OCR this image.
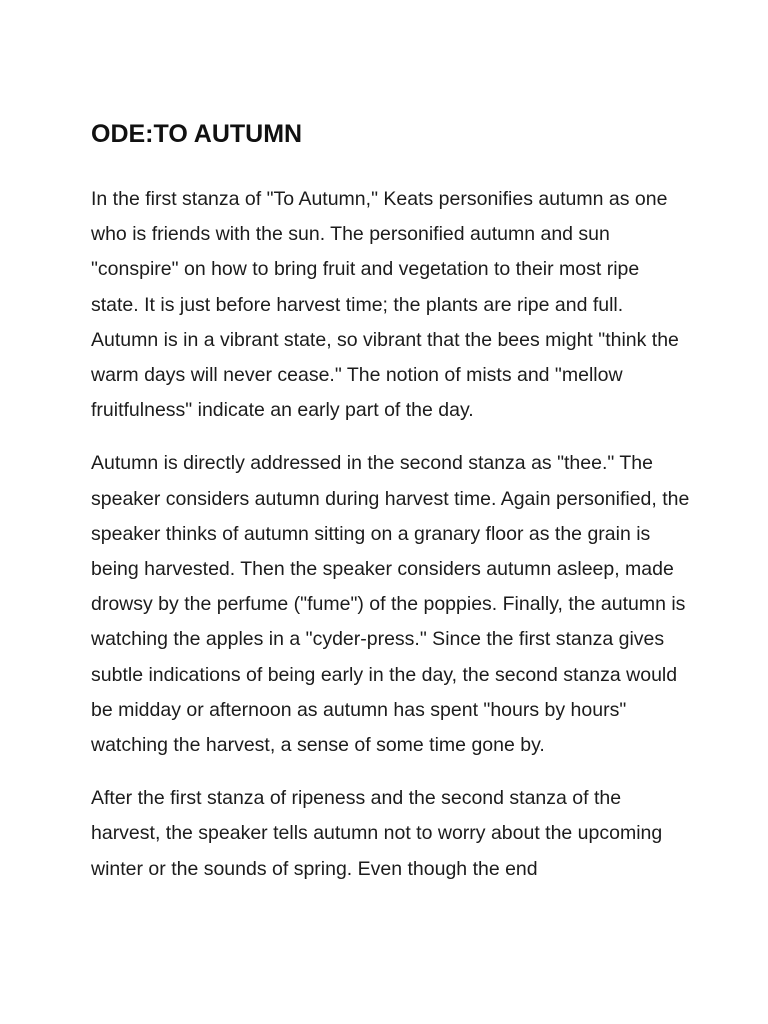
ODE:TO AUTUMN

In the first stanza of "To Autumn," Keats personifies autumn as one who is friends with the sun. The personified autumn and sun "conspire" on how to bring fruit and vegetation to their most ripe state. It is just before harvest time; the plants are ripe and full. Autumn is in a vibrant state, so vibrant that the bees might "think the warm days will never cease." The notion of mists and "mellow fruitfulness" indicate an early part of the day.

Autumn is directly addressed in the second stanza as "thee." The speaker considers autumn during harvest time. Again personified, the speaker thinks of autumn sitting on a granary floor as the grain is being harvested. Then the speaker considers autumn asleep, made drowsy by the perfume ("fume") of the poppies. Finally, the autumn is watching the apples in a "cyder-press." Since the first stanza gives subtle indications of being early in the day, the second stanza would be midday or afternoon as autumn has spent "hours by hours" watching the harvest, a sense of some time gone by.

After the first stanza of ripeness and the second stanza of the harvest, the speaker tells autumn not to worry about the upcoming winter or the sounds of spring. Even though the end
